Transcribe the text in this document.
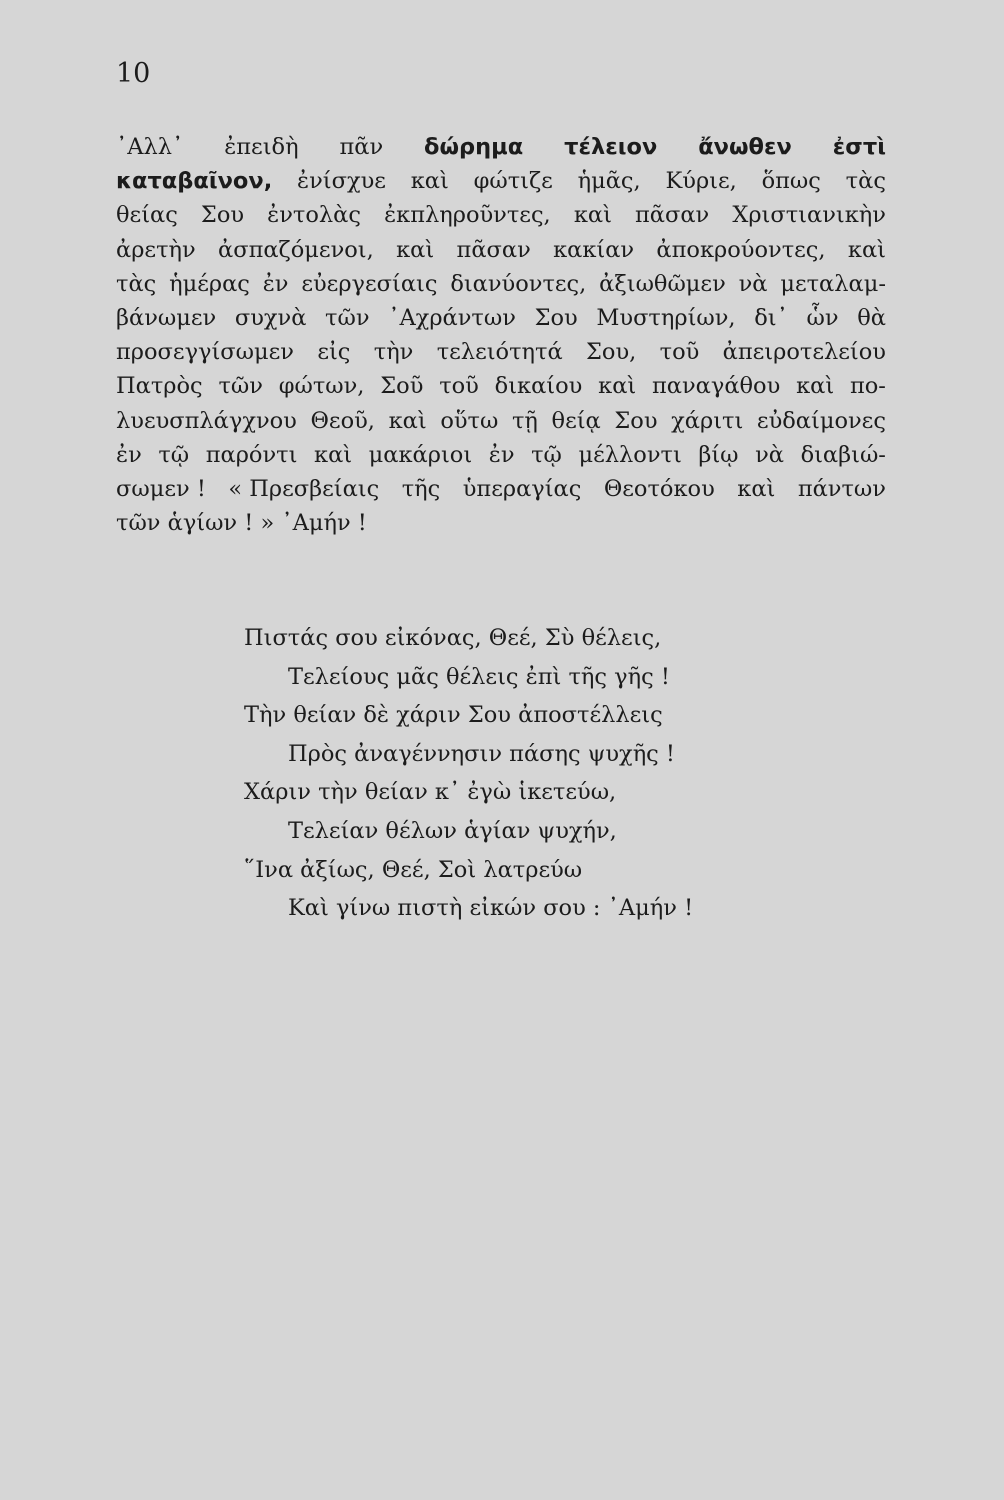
10
᾿Αλλ᾿ ἐπειδὴ πᾶν δώρημα τέλειον ἄνωθεν ἐστὶ
καταβαῖνον, ἐνίσχυε καὶ φώτιζε ἡμᾶς, Κύριε, ὅπως τὰς
θείας Σου ἐντολὰς ἐκπληροῦντες, καὶ πᾶσαν Χριστιανικὴν
ἀρετὴν ἀσπαζόμενοι, καὶ πᾶσαν κακίαν ἀποκρούοντες, καὶ
τὰς ἡμέρας ἐν εὐεργεσίαις διανύοντες, ἀξιωθῶμεν νὰ μεταλαμ-
βάνωμεν συχνὰ τῶν ᾿Αχράντων Σου Μυστηρίων, δι᾿ ὧν θὰ
προσεγγίσωμεν εἰς τὴν τελειότητά Σου, τοῦ ἀπειροτελείου
Πατρὸς τῶν φώτων, Σοῦ τοῦ δικαίου καὶ παναγάθου καὶ πο-
λυευσπλάγχνου Θεοῦ, καὶ οὕτω τῇ θείᾳ Σου χάριτι εὐδαίμονες
ἐν τῷ παρόντι καὶ μακάριοι ἐν τῷ μέλλοντι βίῳ νὰ διαβιώ-
σωμεν ! « Πρεσβείαις τῆς ὑπεραγίας Θεοτόκου καὶ πάντων
τῶν ἁγίων ! » ᾿Αμήν !
Πιστάς σου εἰκόνας, Θεέ, Σὺ θέλεις,
Τελείους μᾶς θέλεις ἐπὶ τῆς γῆς !
Τὴν θείαν δὲ χάριν Σου ἀποστέλλεις
Πρὸς ἀναγέννησιν πάσης ψυχῆς !
Χάριν τὴν θείαν κ᾿ ἐγὼ ἱκετεύω,
Τελείαν θέλων ἁγίαν ψυχήν,
῞Ινα ἀξίως, Θεέ, Σοὶ λατρεύω
Καὶ γίνω πιστὴ εἰκών σου : ᾿Αμήν !
